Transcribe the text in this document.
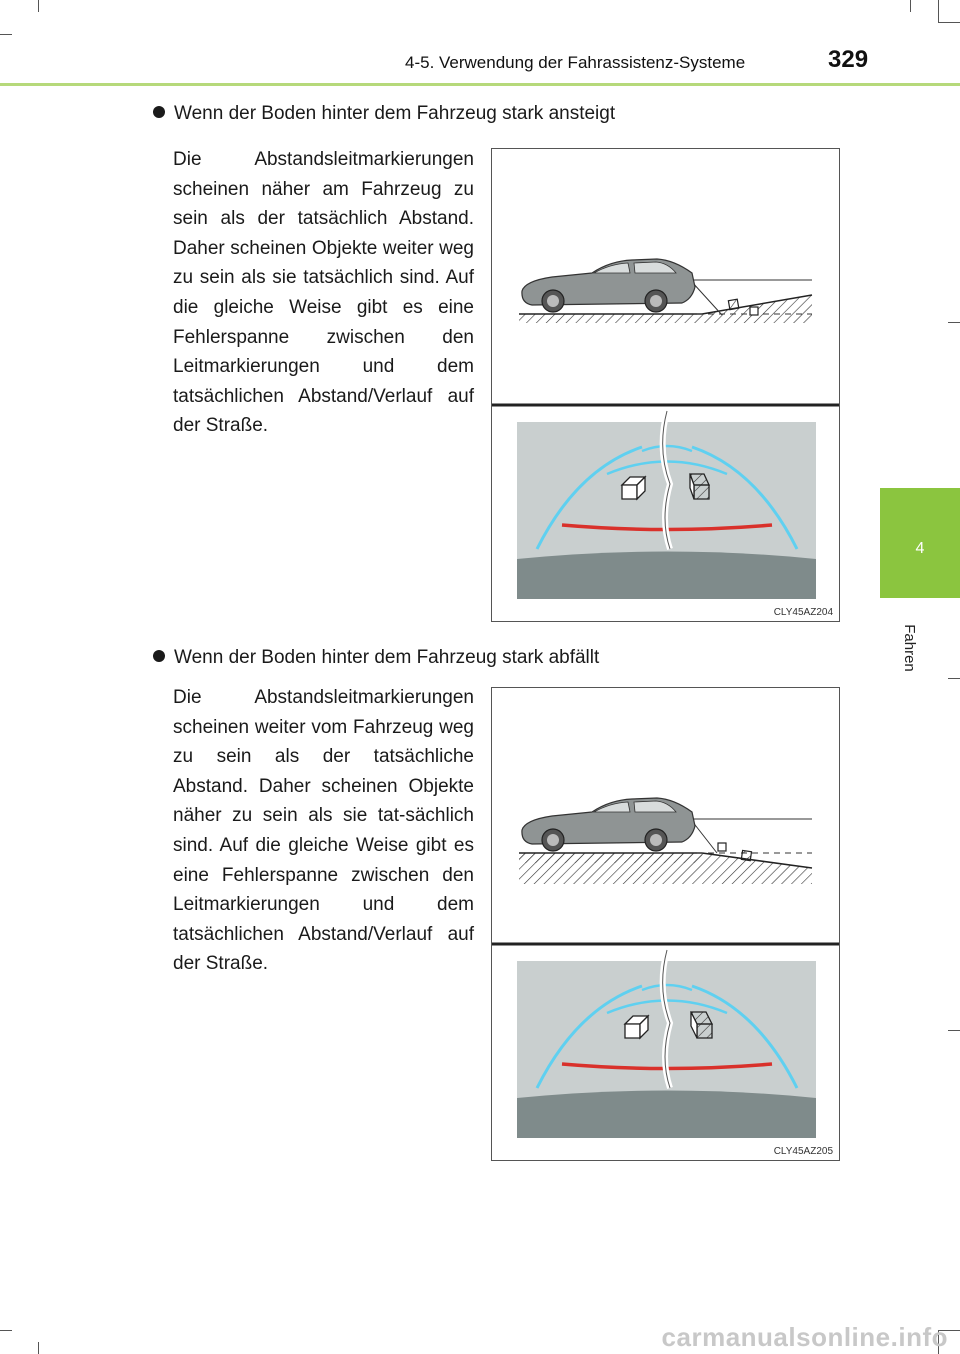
4-5. Verwendung der Fahrassistenz-Systeme	329
4
Fahren
Wenn der Boden hinter dem Fahrzeug stark ansteigt
Die Abstandsleitmarkierungen scheinen näher am Fahrzeug zu sein als der tatsächlich Abstand. Daher scheinen Objekte weiter weg zu sein als sie tatsächlich sind. Auf die gleiche Weise gibt es eine Fehlerspanne zwischen den Leitmarkierungen und dem tatsächlichen Abstand/Verlauf auf der Straße.
CLY45AZ204
Wenn der Boden hinter dem Fahrzeug stark abfällt
Die Abstandsleitmarkierungen scheinen weiter vom Fahrzeug weg zu sein als der tatsächliche Abstand. Daher scheinen Objekte näher zu sein als sie tat-​sächlich sind. Auf die gleiche Weise gibt es eine Fehlerspanne zwischen den Leitmarkierungen und dem tatsächlichen Abstand/​Verlauf auf der Straße.
CLY45AZ205
carmanualsonline.info
